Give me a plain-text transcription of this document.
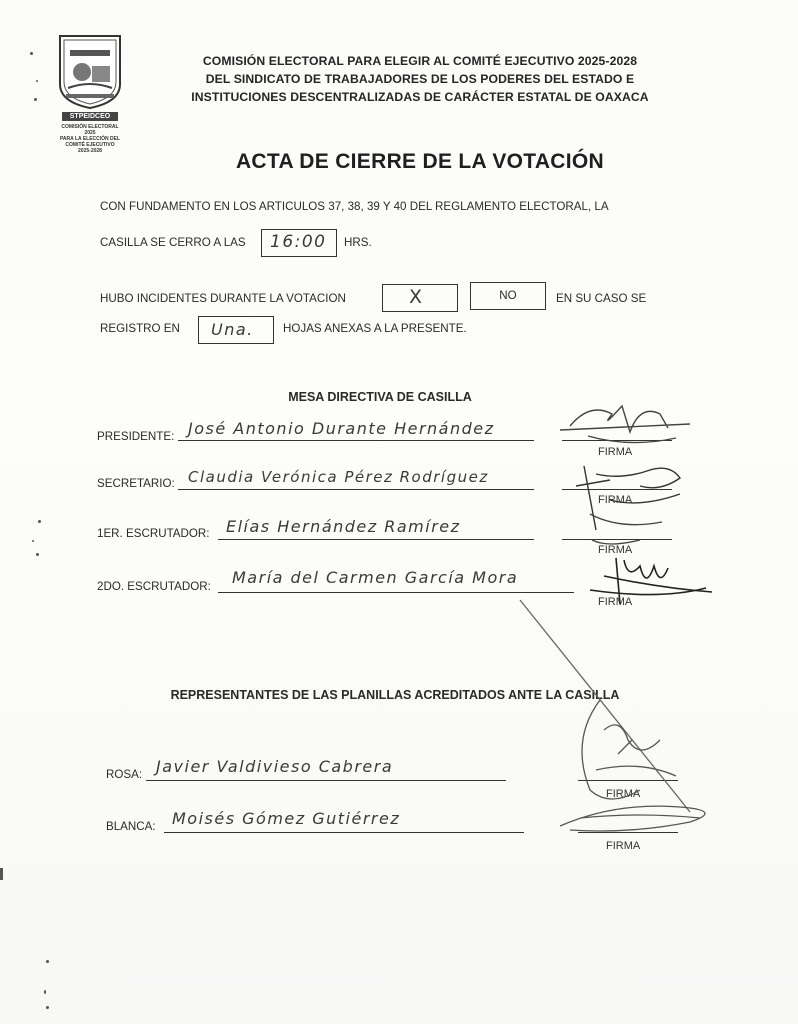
STPEIDCEO
COMISIÓN ELECTORAL
2025
PARA LA ELECCIÓN DEL
COMITÉ EJECUTIVO
2025-2028
COMISIÓN ELECTORAL PARA ELEGIR AL COMITÉ EJECUTIVO 2025-2028
DEL SINDICATO DE TRABAJADORES DE LOS PODERES DEL ESTADO E
INSTITUCIONES DESCENTRALIZADAS DE CARÁCTER ESTATAL DE OAXACA
ACTA DE CIERRE DE LA VOTACIÓN
CON FUNDAMENTO EN LOS ARTICULOS 37, 38, 39 Y 40 DEL REGLAMENTO ELECTORAL, LA
CASILLA SE CERRO A LAS 16:00 HRS.
HUBO INCIDENTES DURANTE LA VOTACION	X	NO	EN SU CASO SE
REGISTRO EN Una.	HOJAS ANEXAS A LA PRESENTE.
MESA DIRECTIVA DE CASILLA
PRESIDENTE: José Antonio Durante Hernández
FIRMA
SECRETARIO: Claudia Verónica Pérez Rodríguez
FIRMA
1ER. ESCRUTADOR: Elías Hernández Ramírez
FIRMA
2DO. ESCRUTADOR: María del Carmen García Mora
FIRMA
REPRESENTANTES DE LAS PLANILLAS ACREDITADOS ANTE LA CASILLA
ROSA: Javier Valdivieso Cabrera
FIRMA
BLANCA: Moisés Gómez Gutiérrez
FIRMA
